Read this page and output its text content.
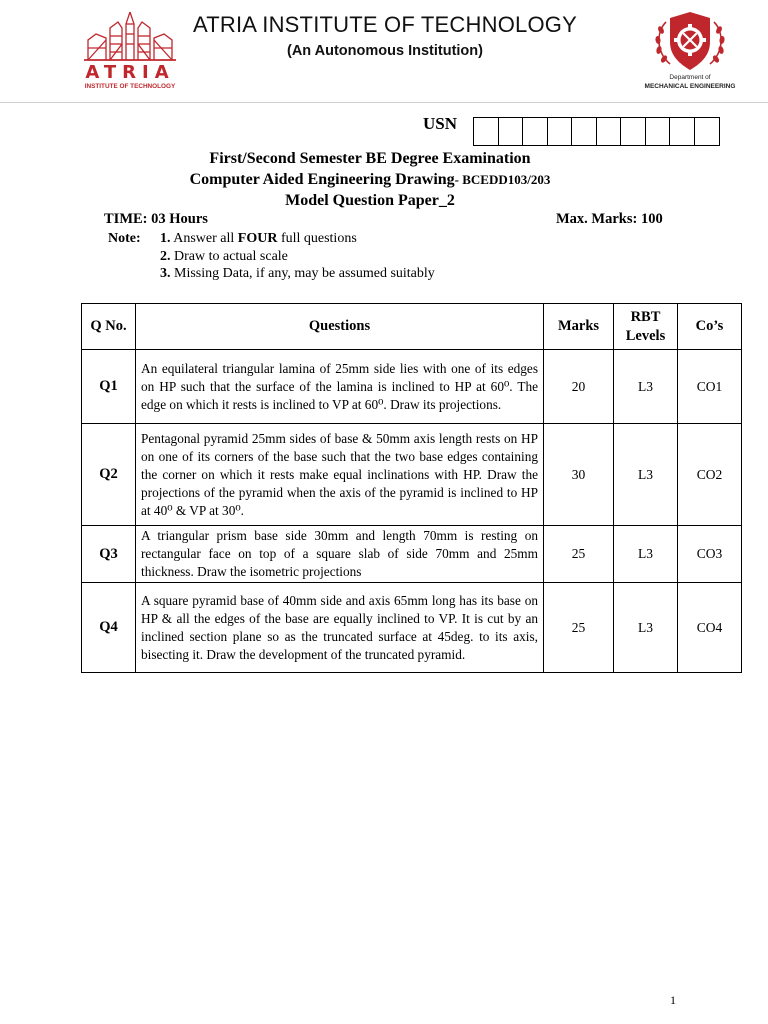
ATRIA
INSTITUTE OF TECHNOLOGY
ATRIA INSTITUTE OF TECHNOLOGY
(An Autonomous Institution)
Department of
MECHANICAL ENGINEERING
USN
First/Second Semester BE Degree Examination
Computer Aided Engineering Drawing- BCEDD103/203
Model Question Paper_2
TIME: 03 Hours	Max. Marks: 100
Note: 1. Answer all FOUR full questions
2. Draw to actual scale
3. Missing Data, if any, may be assumed suitably
Q No.	Questions	Marks	RBT Levels	Co’s
Q1	An equilateral triangular lamina of 25mm side lies with one of its edges on HP such that the surface of the lamina is inclined to HP at 60⁰. The edge on which it rests is inclined to VP at 60⁰. Draw its projections.	20	L3	CO1
Q2	Pentagonal pyramid 25mm sides of base & 50mm axis length rests on HP on one of its corners of the base such that the two base edges containing the corner on which it rests make equal inclinations with HP. Draw the projections of the pyramid when the axis of the pyramid is inclined to HP at 40⁰ & VP at 30⁰.	30	L3	CO2
Q3	A triangular prism base side 30mm and length 70mm is resting on rectangular face on top of a square slab of side 70mm and 25mm thickness. Draw the isometric projections	25	L3	CO3
Q4	A square pyramid base of 40mm side and axis 65mm long has its base on HP & all the edges of the base are equally inclined to VP. It is cut by an inclined section plane so as the truncated surface at 45deg. to its axis, bisecting it. Draw the development of the truncated pyramid.	25	L3	CO4
1
